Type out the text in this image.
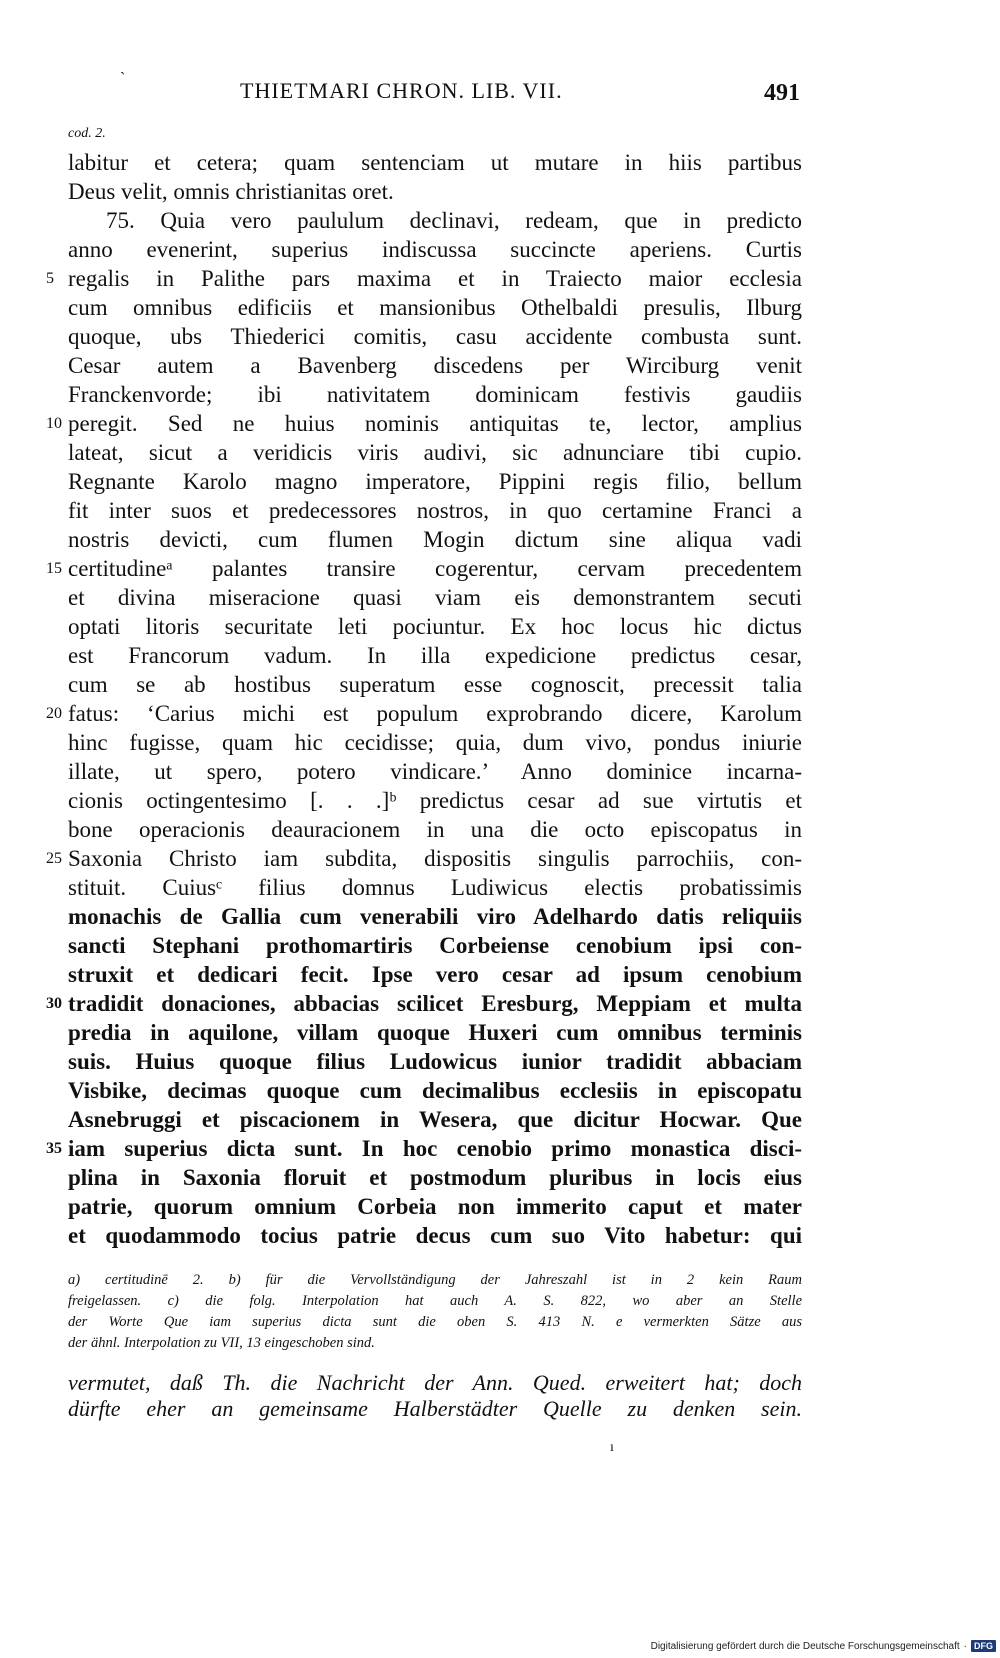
`	THIETMARI CHRON. LIB. VII.	491
cod. 2.
labitur et cetera; quam sentenciam ut mutare in hiis partibus
Deus velit, omnis christianitas oret.
75. Quia vero paululum declinavi, redeam, que in predicto
anno evenerint, superius indiscussa succincte aperiens. Curtis
5 regalis in Palithe pars maxima et in Traiecto maior ecclesia
cum omnibus edificiis et mansionibus Othelbaldi presulis, Ilburg
quoque, ubs Thiederici comitis, casu accidente combusta sunt.
Cesar autem a Bavenberg discedens per Wirciburg venit
Franckenvorde; ibi nativitatem dominicam festivis gaudiis
10 peregit. Sed ne huius nominis antiquitas te, lector, amplius
lateat, sicut a veridicis viris audivi, sic adnunciare tibi cupio.
Regnante Karolo magno imperatore, Pippini regis filio, bellum
fit inter suos et predecessores nostros, in quo certamine Franci a
nostris devicti, cum flumen Mogin dictum sine aliqua vadi
15 certitudineᵃ palantes transire cogerentur, cervam precedentem
et divina miseracione quasi viam eis demonstrantem secuti
optati litoris securitate leti pociuntur. Ex hoc locus hic dictus
est Francorum vadum. In illa expedicione predictus cesar,
cum se ab hostibus superatum esse cognoscit, precessit talia
20 fatus: ‘Carius michi est populum exprobrando dicere, Karolum
hinc fugisse, quam hic cecidisse; quia, dum vivo, pondus iniurie
illate, ut spero, potero vindicare.’ Anno dominice incarna-
cionis octingentesimo [. . .]ᵇ predictus cesar ad sue virtutis et
bone operacionis deauracionem in una die octo episcopatus in
25 Saxonia Christo iam subdita, dispositis singulis parrochiis, con-
stituit. Cuiusᶜ filius domnus Ludiwicus electis probatissimis
monachis de Gallia cum venerabili viro Adelhardo datis reliquiis
sancti Stephani prothomartiris Corbeiense cenobium ipsi con-
struxit et dedicari fecit. Ipse vero cesar ad ipsum cenobium
30 tradidit donaciones, abbacias scilicet Eresburg, Meppiam et multa
predia in aquilone, villam quoque Huxeri cum omnibus terminis
suis. Huius quoque filius Ludowicus iunior tradidit abbaciam
Visbike, decimas quoque cum decimalibus ecclesiis in episcopatu
Asnebruggi et piscacionem in Wesera, que dicitur Hocwar. Que
35 iam superius dicta sunt. In hoc cenobio primo monastica disci-
plina in Saxonia floruit et postmodum pluribus in locis eius
patrie, quorum omnium Corbeia non immerito caput et mater
et quodammodo tocius patrie decus cum suo Vito habetur: qui
a) certitudinē 2. b) für die Vervollständigung der Jahreszahl ist in 2 kein Raum
freigelassen. c) die folg. Interpolation hat auch A. S. 822, wo aber an Stelle
der Worte Que iam superius dicta sunt die oben S. 413 N. e vermerkten Sätze aus
der ähnl. Interpolation zu VII, 13 eingeschoben sind.
vermutet, daß Th. die Nachricht der Ann. Qued. erweitert hat; doch
dürfte eher an gemeinsame Halberstädter Quelle zu denken sein.
ı
Digitalisierung gefördert durch die Deutsche Forschungsgemeinschaft · DFG
